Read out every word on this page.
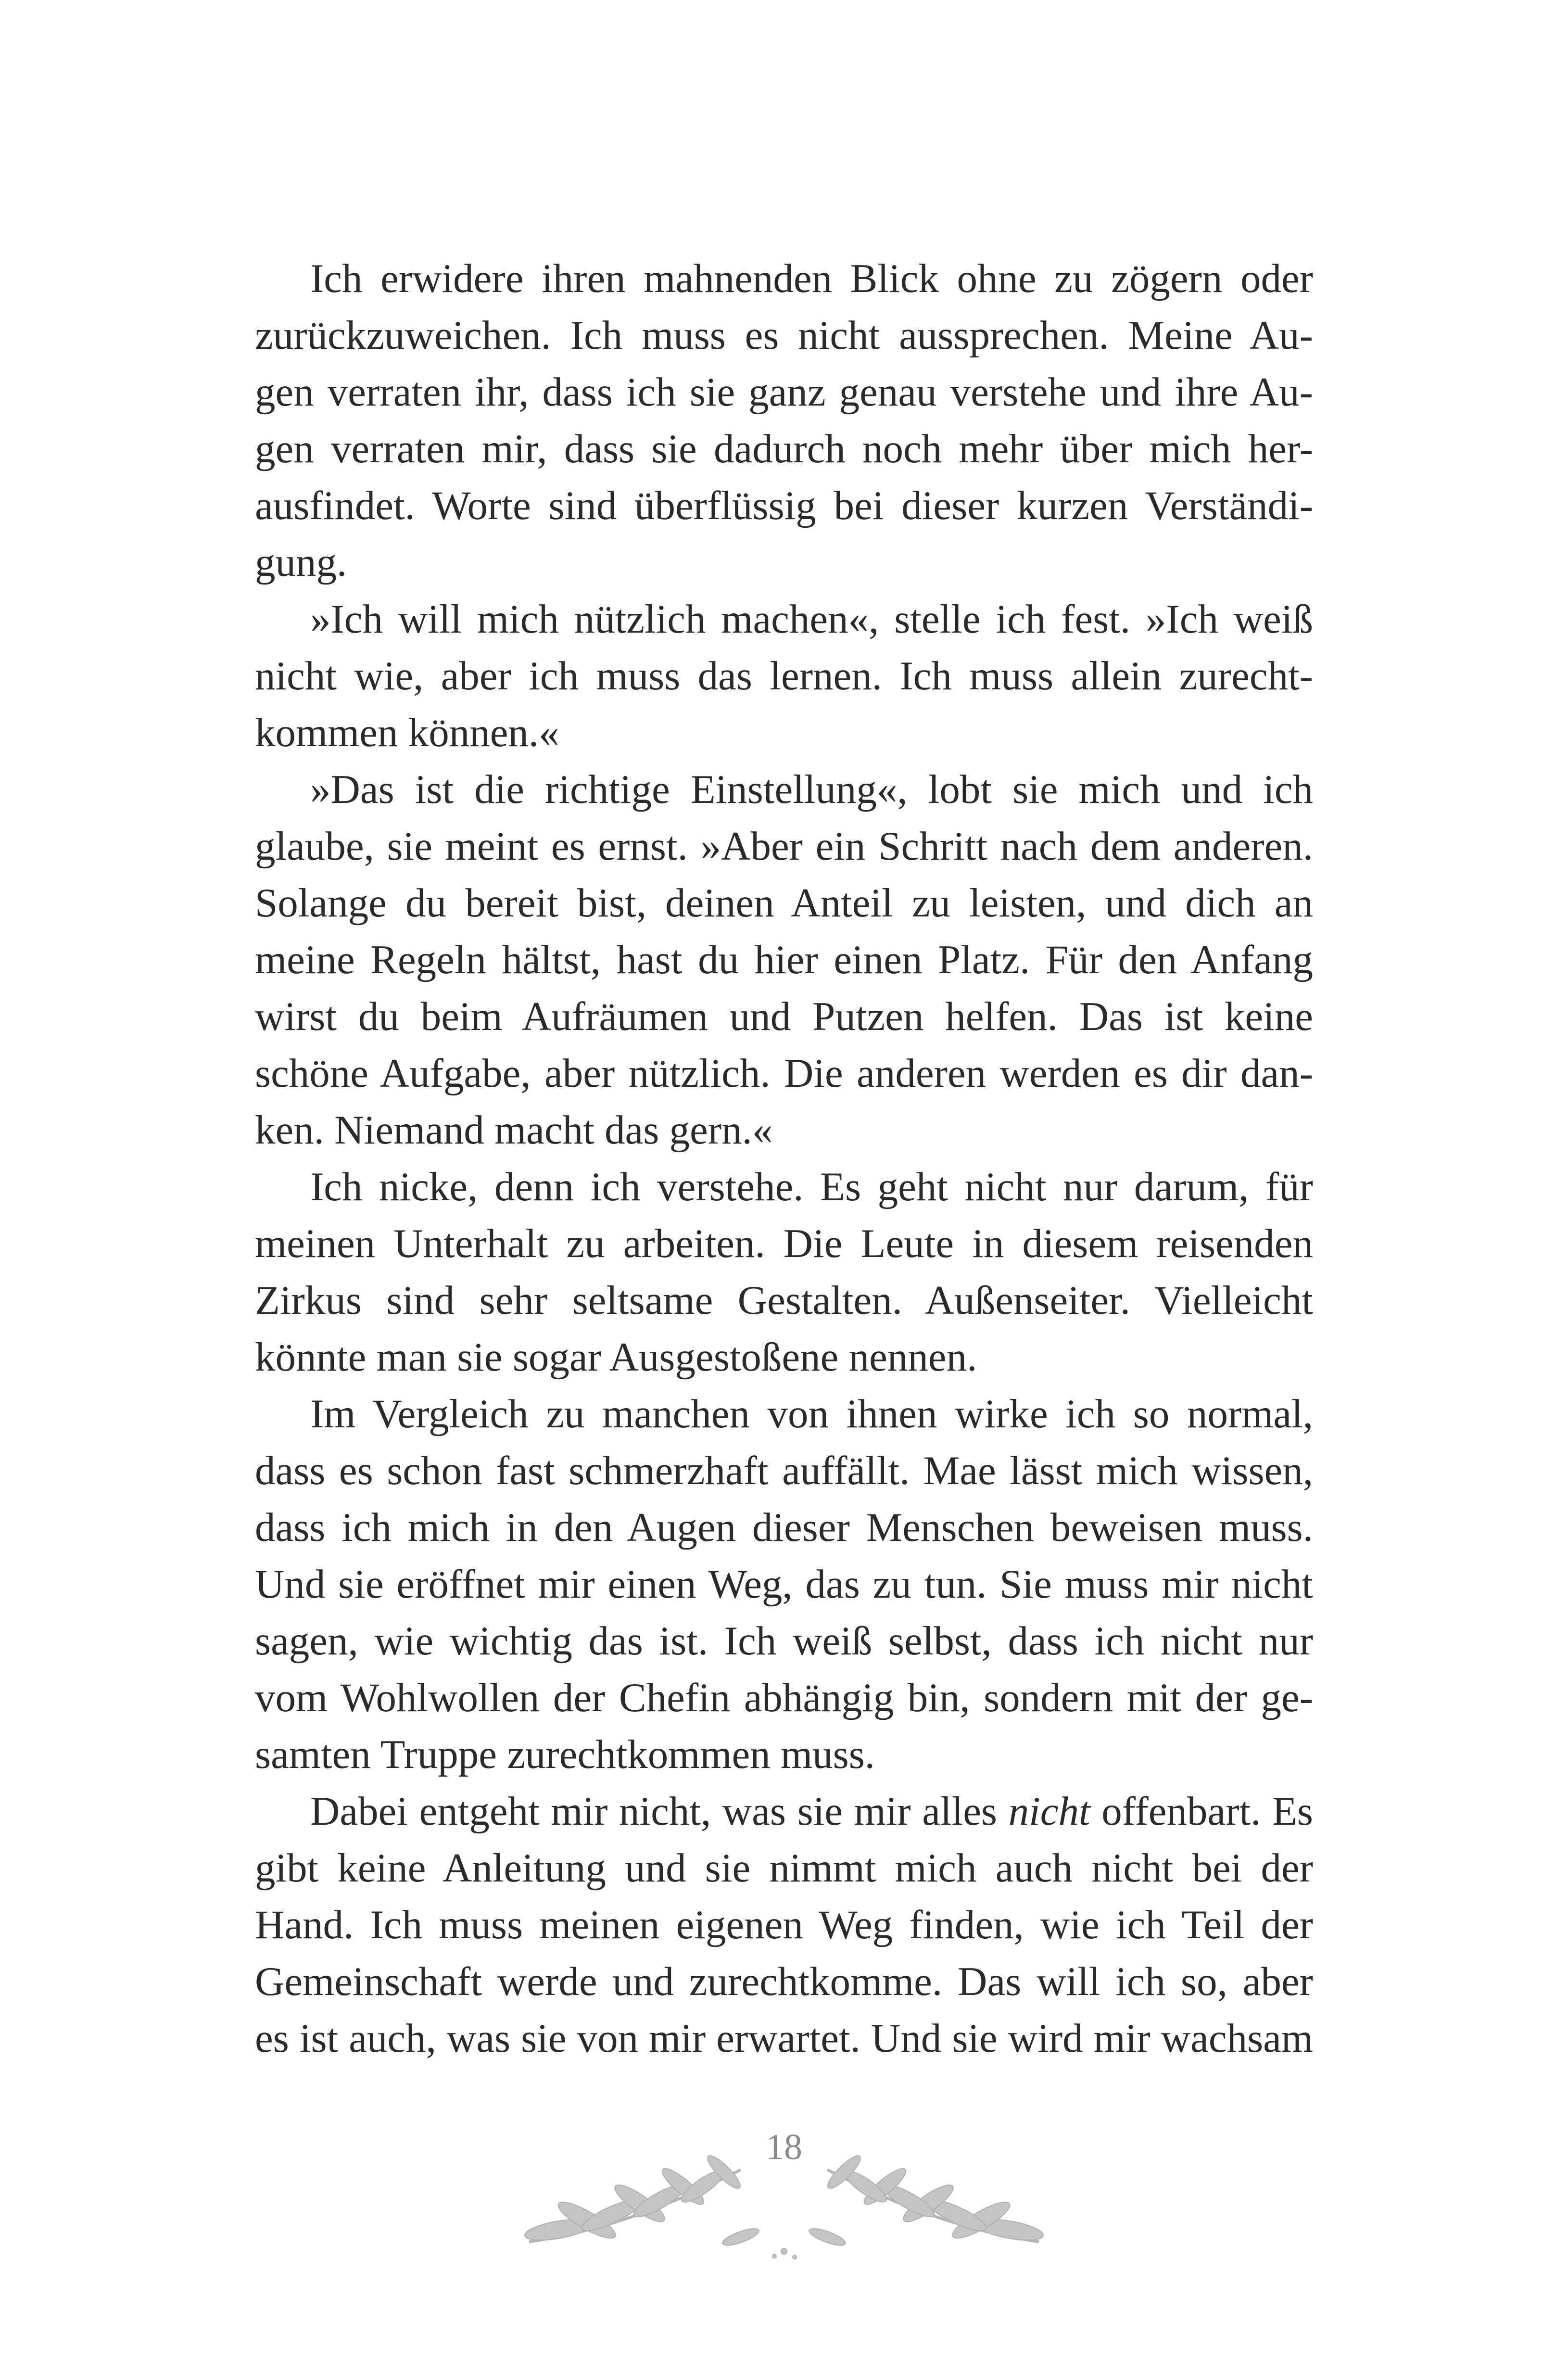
Ich erwidere ihren mahnenden Blick ohne zu zögern oder
zurückzuweichen. Ich muss es nicht aussprechen. Meine Au-
gen verraten ihr, dass ich sie ganz genau verstehe und ihre Au-
gen verraten mir, dass sie dadurch noch mehr über mich her-
ausfindet. Worte sind überflüssig bei dieser kurzen Verständi-
gung.
»Ich will mich nützlich machen«, stelle ich fest. »Ich weiß
nicht wie, aber ich muss das lernen. Ich muss allein zurecht-
kommen können.«
»Das ist die richtige Einstellung«, lobt sie mich und ich
glaube, sie meint es ernst. »Aber ein Schritt nach dem anderen.
Solange du bereit bist, deinen Anteil zu leisten, und dich an
meine Regeln hältst, hast du hier einen Platz. Für den Anfang
wirst du beim Aufräumen und Putzen helfen. Das ist keine
schöne Aufgabe, aber nützlich. Die anderen werden es dir dan-
ken. Niemand macht das gern.«
Ich nicke, denn ich verstehe. Es geht nicht nur darum, für
meinen Unterhalt zu arbeiten. Die Leute in diesem reisenden
Zirkus sind sehr seltsame Gestalten. Außenseiter. Vielleicht
könnte man sie sogar Ausgestoßene nennen.
Im Vergleich zu manchen von ihnen wirke ich so normal,
dass es schon fast schmerzhaft auffällt. Mae lässt mich wissen,
dass ich mich in den Augen dieser Menschen beweisen muss.
Und sie eröffnet mir einen Weg, das zu tun. Sie muss mir nicht
sagen, wie wichtig das ist. Ich weiß selbst, dass ich nicht nur
vom Wohlwollen der Chefin abhängig bin, sondern mit der ge-
samten Truppe zurechtkommen muss.
Dabei entgeht mir nicht, was sie mir alles nicht offenbart. Es
gibt keine Anleitung und sie nimmt mich auch nicht bei der
Hand. Ich muss meinen eigenen Weg finden, wie ich Teil der
Gemeinschaft werde und zurechtkomme. Das will ich so, aber
es ist auch, was sie von mir erwartet. Und sie wird mir wachsam
18
